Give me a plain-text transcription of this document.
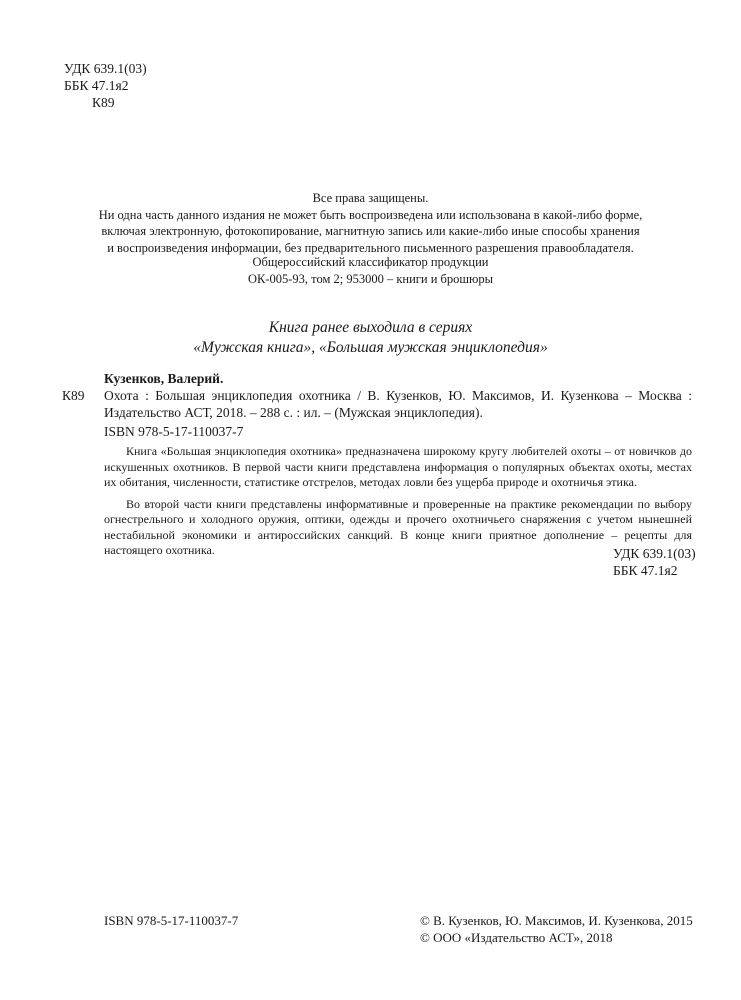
УДК 639.1(03)
ББК 47.1я2
К89
Все права защищены.
Ни одна часть данного издания не может быть воспроизведена или использована в какой-либо форме,
включая электронную, фотокопирование, магнитную запись или какие-либо иные способы хранения
и воспроизведения информации, без предварительного письменного разрешения правообладателя.
Общероссийский классификатор продукции
ОК-005-93, том 2; 953000 – книги и брошюры
Книга ранее выходила в сериях
«Мужская книга», «Большая мужская энциклопедия»
Кузенков, Валерий.
К89 Охота : Большая энциклопедия охотника / В. Кузенков, Ю. Максимов, И. Кузенкова – Москва : Издательство АСТ, 2018. – 288 с. : ил. – (Мужская энциклопедия).
ISBN 978-5-17-110037-7

Книга «Большая энциклопедия охотника» предназначена широкому кругу любителей охоты – от новичков до искушенных охотников. В первой части книги представлена информация о популярных объектах охоты, местах их обитания, численности, статистике отстрелов, методах ловли без ущерба природе и охотничья этика.

Во второй части книги представлены информативные и проверенные на практике рекомендации по выбору огнестрельного и холодного оружия, оптики, одежды и прочего охотничьего снаряжения с учетом нынешней нестабильной экономики и антироссийских санкций. В конце книги приятное дополнение – рецепты для настоящего охотника.	УДК 639.1(03)
ББК 47.1я2
ISBN 978-5-17-110037-7	© В. Кузенков, Ю. Максимов, И. Кузенкова, 2015
© ООО «Издательство АСТ», 2018
